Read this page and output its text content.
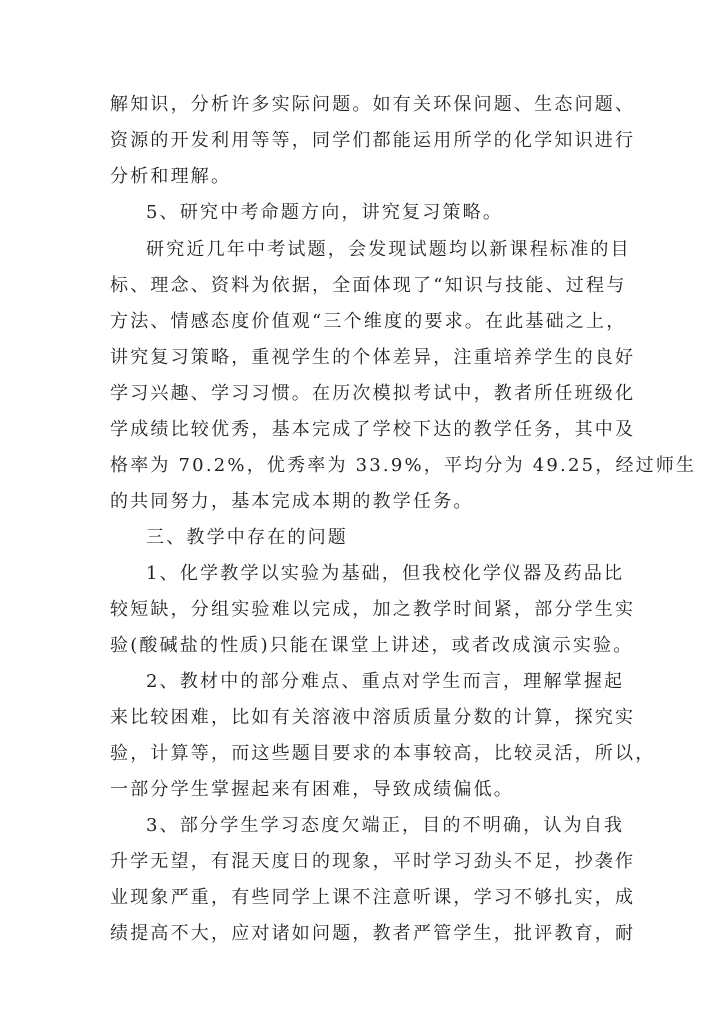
解知识，分析许多实际问题。如有关环保问题、生态问题、
资源的开发利用等等，同学们都能运用所学的化学知识进行
分析和理解。
5、研究中考命题方向，讲究复习策略。
研究近几年中考试题，会发现试题均以新课程标准的目
标、理念、资料为依据，全面体现了“知识与技能、过程与
方法、情感态度价值观“三个维度的要求。在此基础之上，
讲究复习策略，重视学生的个体差异，注重培养学生的良好
学习兴趣、学习习惯。在历次模拟考试中，教者所任班级化
学成绩比较优秀，基本完成了学校下达的教学任务，其中及
格率为 70.2%，优秀率为 33.9%，平均分为 49.25，经过师生
的共同努力，基本完成本期的教学任务。
三、教学中存在的问题
1、化学教学以实验为基础，但我校化学仪器及药品比
较短缺，分组实验难以完成，加之教学时间紧，部分学生实
验(酸碱盐的性质)只能在课堂上讲述，或者改成演示实验。
2、教材中的部分难点、重点对学生而言，理解掌握起
来比较困难，比如有关溶液中溶质质量分数的计算，探究实
验，计算等，而这些题目要求的本事较高，比较灵活，所以，
一部分学生掌握起来有困难，导致成绩偏低。
3、部分学生学习态度欠端正，目的不明确，认为自我
升学无望，有混天度日的现象，平时学习劲头不足，抄袭作
业现象严重，有些同学上课不注意听课，学习不够扎实，成
绩提高不大，应对诸如问题，教者严管学生，批评教育，耐
